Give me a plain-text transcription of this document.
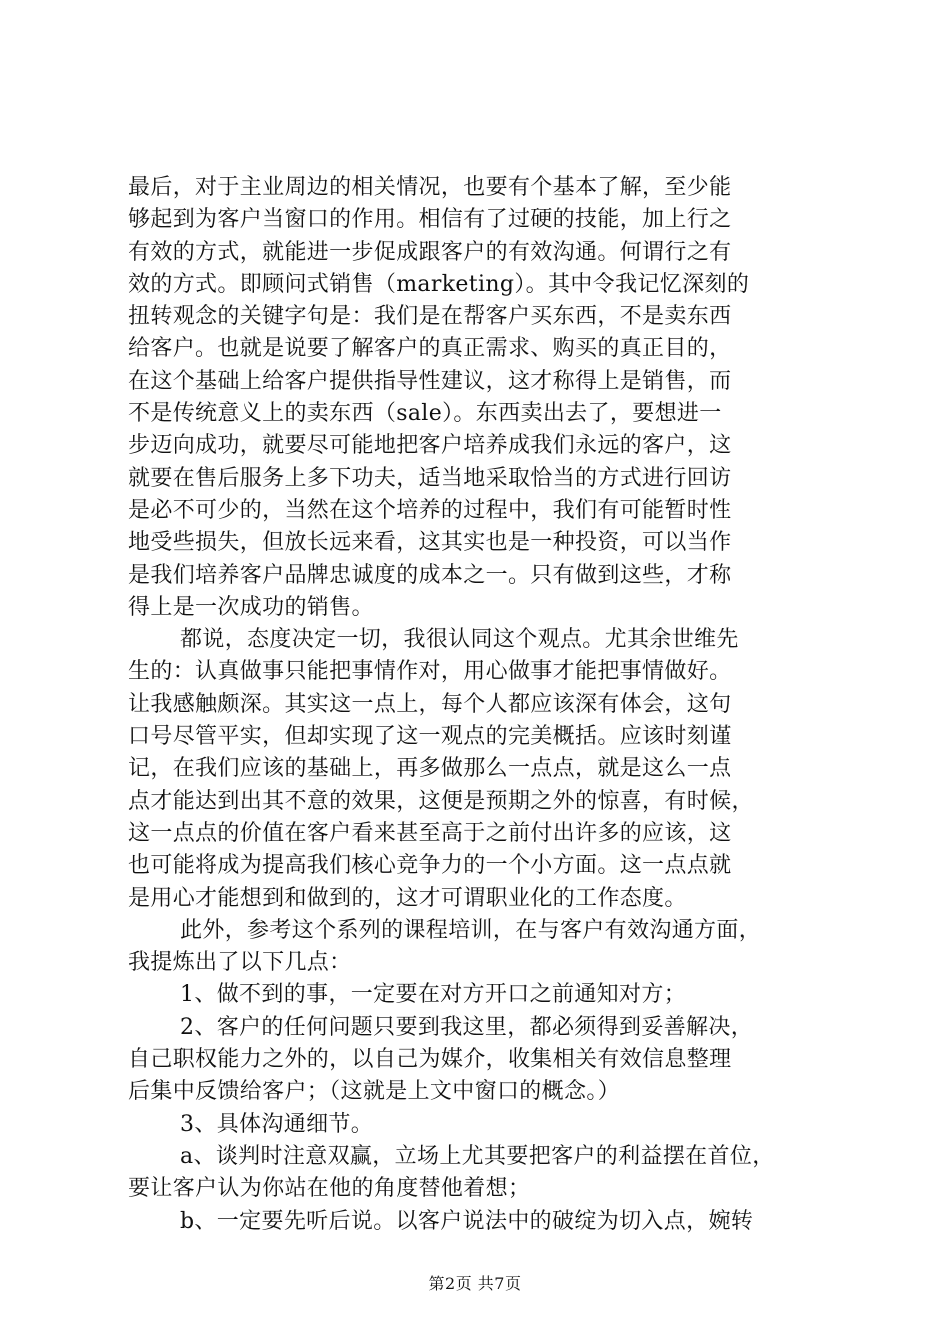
最后，对于主业周边的相关情况，也要有个基本了解，至少能
够起到为客户当窗口的作用。相信有了过硬的技能，加上行之
有效的方式，就能进一步促成跟客户的有效沟通。何谓行之有
效的方式。即顾问式销售（marketing）。其中令我记忆深刻的
扭转观念的关键字句是：我们是在帮客户买东西，不是卖东西
给客户。也就是说要了解客户的真正需求、购买的真正目的，
在这个基础上给客户提供指导性建议，这才称得上是销售，而
不是传统意义上的卖东西（sale）。东西卖出去了，要想进一
步迈向成功，就要尽可能地把客户培养成我们永远的客户，这
就要在售后服务上多下功夫，适当地采取恰当的方式进行回访
是必不可少的，当然在这个培养的过程中，我们有可能暂时性
地受些损失，但放长远来看，这其实也是一种投资，可以当作
是我们培养客户品牌忠诚度的成本之一。只有做到这些，才称
得上是一次成功的销售。
都说，态度决定一切，我很认同这个观点。尤其余世维先
生的：认真做事只能把事情作对，用心做事才能把事情做好。
让我感触颇深。其实这一点上，每个人都应该深有体会，这句
口号尽管平实，但却实现了这一观点的完美概括。应该时刻谨
记，在我们应该的基础上，再多做那么一点点，就是这么一点
点才能达到出其不意的效果，这便是预期之外的惊喜，有时候，
这一点点的价值在客户看来甚至高于之前付出许多的应该，这
也可能将成为提高我们核心竞争力的一个小方面。这一点点就
是用心才能想到和做到的，这才可谓职业化的工作态度。
此外，参考这个系列的课程培训，在与客户有效沟通方面，
我提炼出了以下几点：
1、做不到的事，一定要在对方开口之前通知对方；
2、客户的任何问题只要到我这里，都必须得到妥善解决，
自己职权能力之外的，以自己为媒介，收集相关有效信息整理
后集中反馈给客户；（这就是上文中窗口的概念。）
3、具体沟通细节。
a、谈判时注意双赢，立场上尤其要把客户的利益摆在首位，
要让客户认为你站在他的角度替他着想；
b、一定要先听后说。以客户说法中的破绽为切入点，婉转
第2页 共7页
